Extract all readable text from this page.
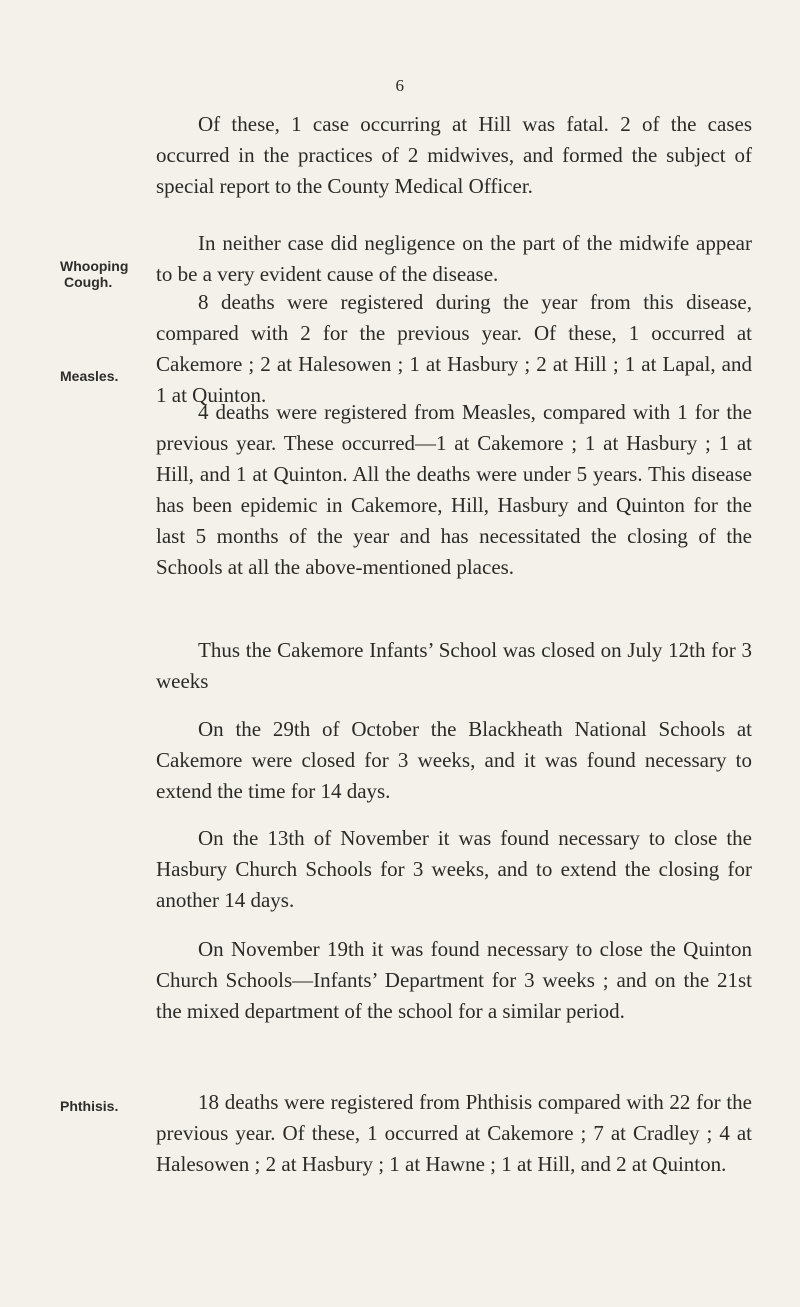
6
Whooping
Cough.
Measles.
Phthisis.

Of these, 1 case occurring at Hill was fatal. 2 of the cases occurred in the practices of 2 midwives, and formed the subject of special report to the County Medical Officer.

In neither case did negligence on the part of the midwife appear to be a very evident cause of the disease.

8 deaths were registered during the year from this disease, compared with 2 for the previous year. Of these, 1 occurred at Cakemore ; 2 at Halesowen ; 1 at Hasbury ; 2 at Hill ; 1 at Lapal, and 1 at Quinton.

4 deaths were registered from Measles, compared with 1 for the previous year. These occurred—1 at Cakemore ; 1 at Hasbury ; 1 at Hill, and 1 at Quinton. All the deaths were under 5 years. This disease has been epidemic in Cakemore, Hill, Hasbury and Quinton for the last 5 months of the year and has necessitated the closing of the Schools at all the above-mentioned places.

Thus the Cakemore Infants’ School was closed on July 12th for 3 weeks

On the 29th of October the Blackheath National Schools at Cakemore were closed for 3 weeks, and it was found necessary to extend the time for 14 days.

On the 13th of November it was found necessary to close the Hasbury Church Schools for 3 weeks, and to extend the closing for another 14 days.

On November 19th it was found necessary to close the Quinton Church Schools—Infants’ Department for 3 weeks ; and on the 21st the mixed department of the school for a similar period.

18 deaths were registered from Phthisis compared with 22 for the previous year. Of these, 1 occurred at Cakemore ; 7 at Cradley ; 4 at Halesowen ; 2 at Hasbury ; 1 at Hawne ; 1 at Hill, and 2 at Quinton.
